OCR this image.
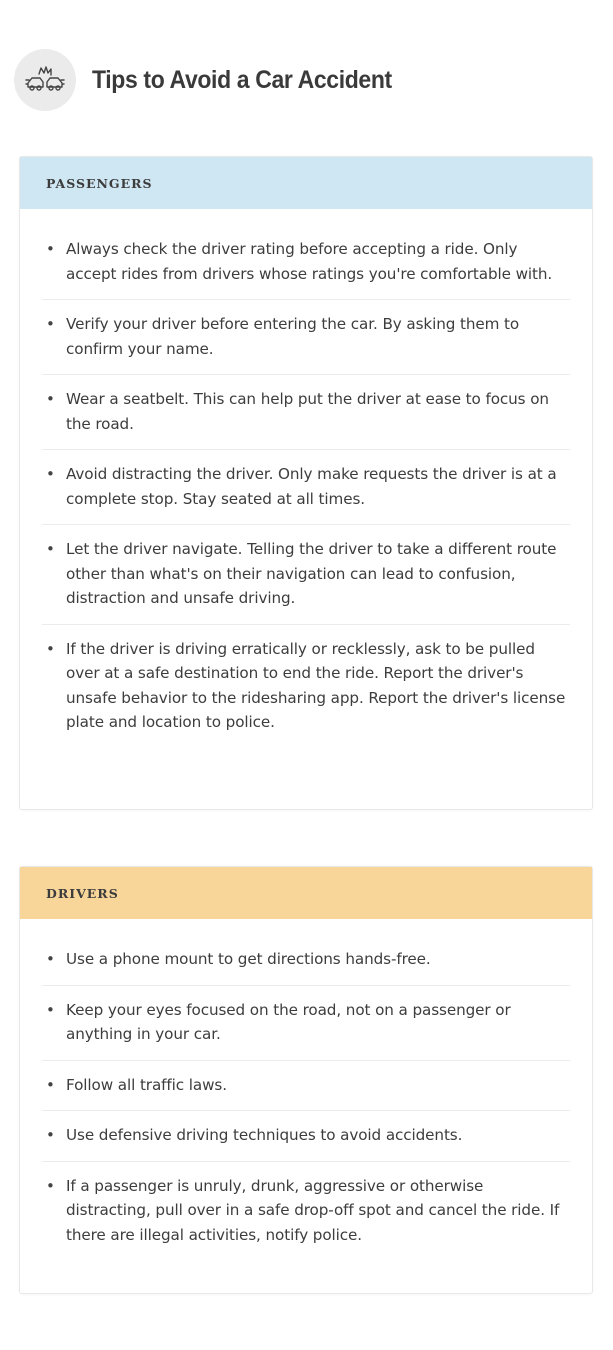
Tips to Avoid a Car Accident
PASSENGERS
• Always check the driver rating before accepting a ride. Only accept rides from drivers whose ratings you're comfortable with.
• Verify your driver before entering the car. By asking them to confirm your name.
• Wear a seatbelt. This can help put the driver at ease to focus on the road.
• Avoid distracting the driver. Only make requests the driver is at a complete stop. Stay seated at all times.
• Let the driver navigate. Telling the driver to take a different route other than what's on their navigation can lead to confusion, distraction and unsafe driving.
• If the driver is driving erratically or recklessly, ask to be pulled over at a safe destination to end the ride. Report the driver's unsafe behavior to the ridesharing app. Report the driver's license plate and location to police.
DRIVERS
• Use a phone mount to get directions hands-free.
• Keep your eyes focused on the road, not on a passenger or anything in your car.
• Follow all traffic laws.
• Use defensive driving techniques to avoid accidents.
• If a passenger is unruly, drunk, aggressive or otherwise distracting, pull over in a safe drop-off spot and cancel the ride. If there are illegal activities, notify police.
